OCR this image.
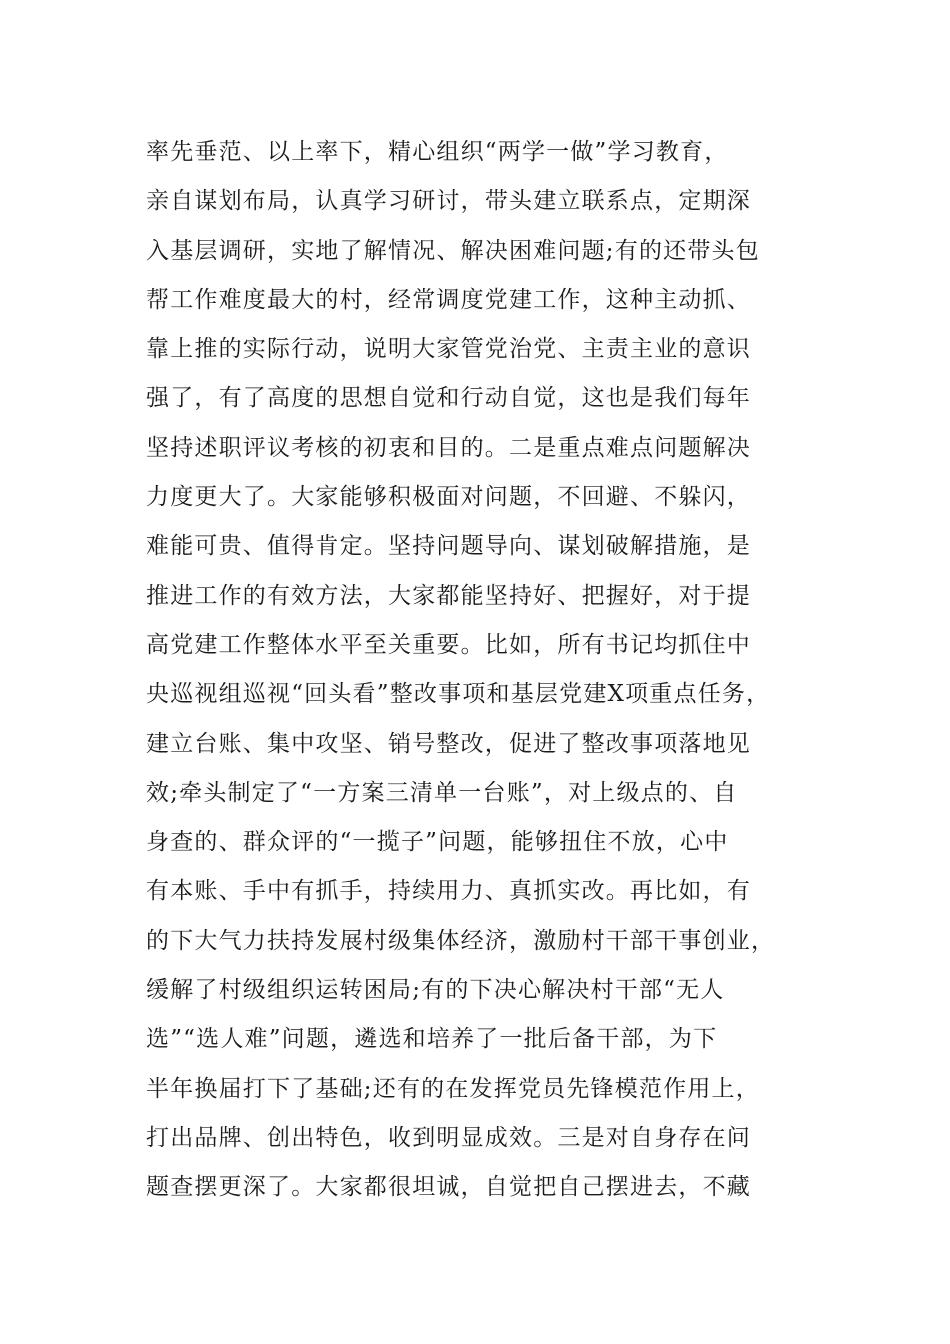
率先垂范、以上率下，精心组织“两学一做”学习教育，
亲自谋划布局，认真学习研讨，带头建立联系点，定期深
入基层调研，实地了解情况、解决困难问题;有的还带头包
帮工作难度最大的村，经常调度党建工作，这种主动抓、
靠上推的实际行动，说明大家管党治党、主责主业的意识
强了，有了高度的思想自觉和行动自觉，这也是我们每年
坚持述职评议考核的初衷和目的。二是重点难点问题解决
力度更大了。大家能够积极面对问题，不回避、不躲闪，
难能可贵、值得肯定。坚持问题导向、谋划破解措施，是
推进工作的有效方法，大家都能坚持好、把握好，对于提
高党建工作整体水平至关重要。比如，所有书记均抓住中
央巡视组巡视“回头看”整改事项和基层党建X项重点任务，
建立台账、集中攻坚、销号整改，促进了整改事项落地见
效;牵头制定了“一方案三清单一台账”，对上级点的、自
身查的、群众评的“一揽子”问题，能够扭住不放，心中
有本账、手中有抓手，持续用力、真抓实改。再比如，有
的下大气力扶持发展村级集体经济，激励村干部干事创业，
缓解了村级组织运转困局;有的下决心解决村干部“无人
选”“选人难”问题，遴选和培养了一批后备干部，为下
半年换届打下了基础;还有的在发挥党员先锋模范作用上，
打出品牌、创出特色，收到明显成效。三是对自身存在问
题查摆更深了。大家都很坦诚，自觉把自己摆进去，不藏
